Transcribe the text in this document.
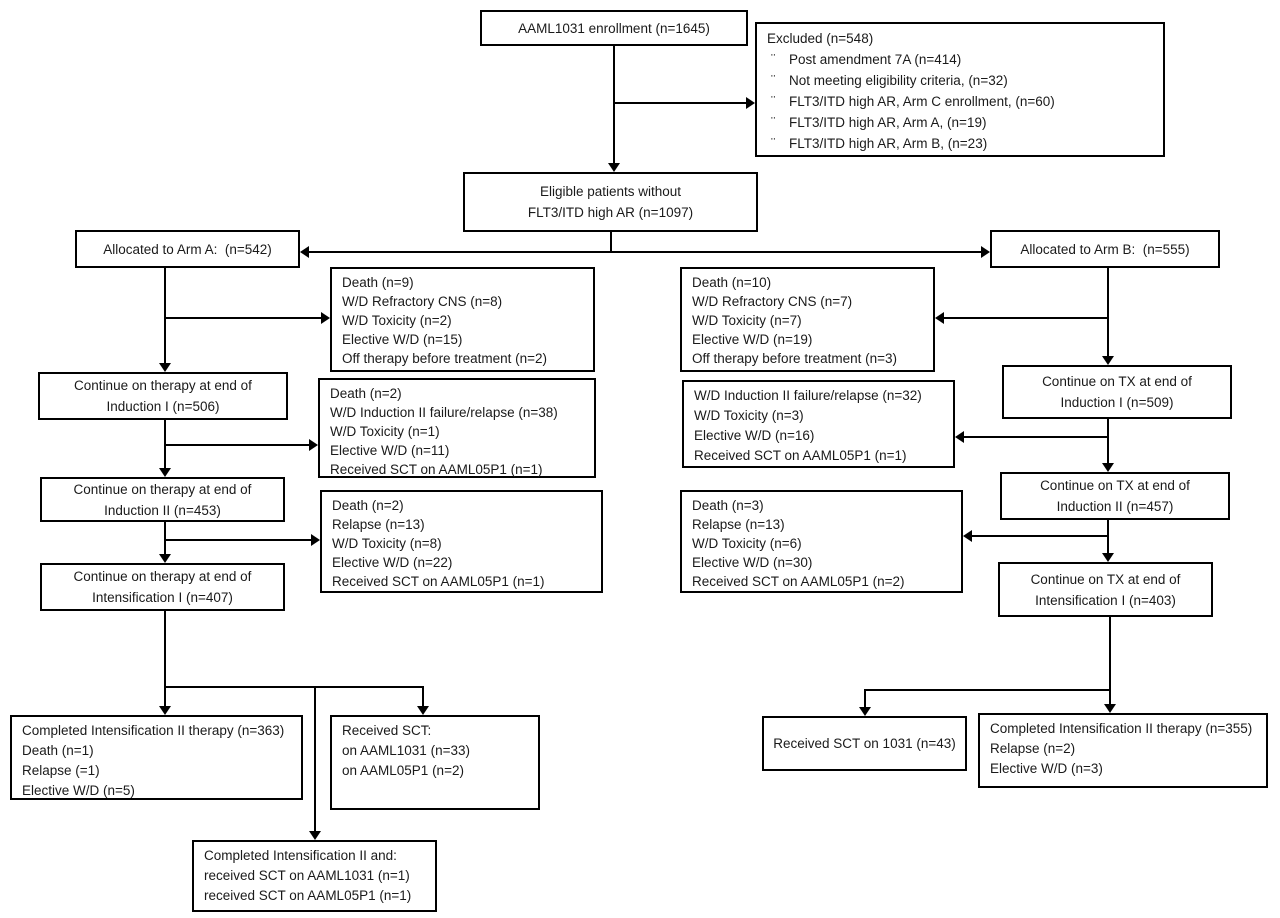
AAML1031 enrollment (n=1645)
Excluded (n=548)
¨	Post amendment 7A (n=414)
¨	Not meeting eligibility criteria, (n=32)
¨	FLT3/ITD high AR, Arm C enrollment, (n=60)
¨	FLT3/ITD high AR, Arm A, (n=19)
¨	FLT3/ITD high AR, Arm B, (n=23)
Eligible patients without
FLT3/ITD high AR (n=1097)
Allocated to Arm A:  (n=542)	Allocated to Arm B:  (n=555)
Death (n=9)
W/D Refractory CNS (n=8)
W/D Toxicity (n=2)
Elective W/D (n=15)
Off therapy before treatment (n=2)
Death (n=10)
W/D Refractory CNS (n=7)
W/D Toxicity (n=7)
Elective W/D (n=19)
Off therapy before treatment (n=3)
Continue on therapy at end of
Induction I (n=506)
Continue on TX at end of
Induction I (n=509)
Death (n=2)
W/D Induction II failure/relapse (n=38)
W/D Toxicity (n=1)
Elective W/D (n=11)
Received SCT on AAML05P1 (n=1)
W/D Induction II failure/relapse (n=32)
W/D Toxicity (n=3)
Elective W/D (n=16)
Received SCT on AAML05P1 (n=1)
Continue on therapy at end of
Induction II (n=453)
Continue on TX at end of
Induction II (n=457)
Death (n=2)
Relapse (n=13)
W/D Toxicity (n=8)
Elective W/D (n=22)
Received SCT on AAML05P1 (n=1)
Death (n=3)
Relapse (n=13)
W/D Toxicity (n=6)
Elective W/D (n=30)
Received SCT on AAML05P1 (n=2)
Continue on therapy at end of
Intensification I (n=407)
Continue on TX at end of
Intensification I (n=403)
Completed Intensification II therapy (n=363)
Death (n=1)
Relapse (=1)
Elective W/D (n=5)
Received SCT:
on AAML1031 (n=33)
on AAML05P1 (n=2)
Received SCT on 1031 (n=43)
Completed Intensification II therapy (n=355)
Relapse (n=2)
Elective W/D (n=3)
Completed Intensification II and:
received SCT on AAML1031 (n=1)
received SCT on AAML05P1 (n=1)
